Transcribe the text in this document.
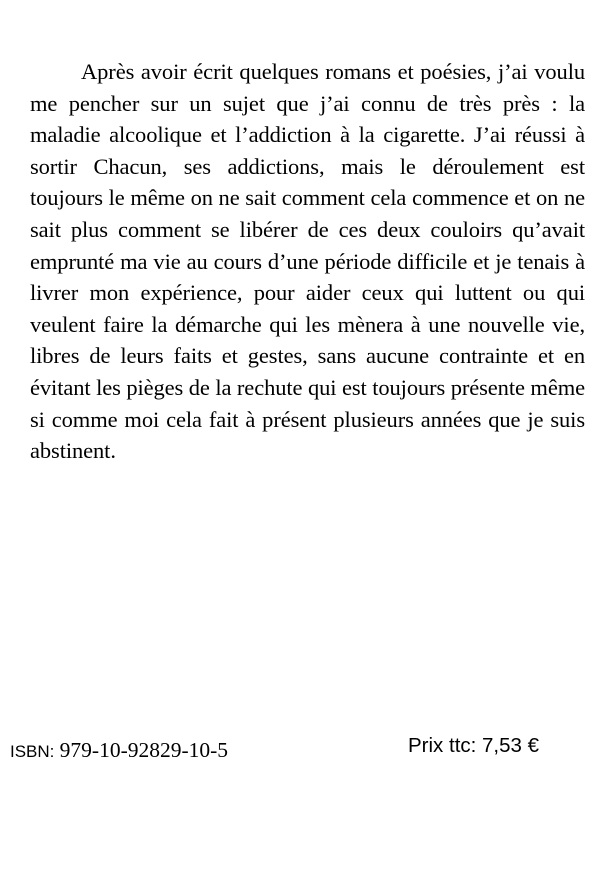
Après avoir écrit quelques romans et poésies, j’ai voulu me pencher sur un sujet que j’ai connu de très près : la maladie alcoolique et l’addiction à la cigarette. J’ai réussi à sortir Chacun, ses addictions, mais le déroulement est toujours le même on ne sait comment cela commence et on ne sait plus comment se libérer de ces deux couloirs qu’avait emprunté ma vie au cours d’une période difficile et je tenais à livrer mon expérience, pour aider ceux qui luttent ou qui veulent faire la démarche qui les mènera à une nouvelle vie, libres de leurs faits et gestes, sans aucune contrainte et en évitant les pièges de la rechute qui est toujours présente même si comme moi cela fait à présent plusieurs années que je suis abstinent.

ISBN: 979-10-92829-10-5	Prix ttc: 7,53 €
